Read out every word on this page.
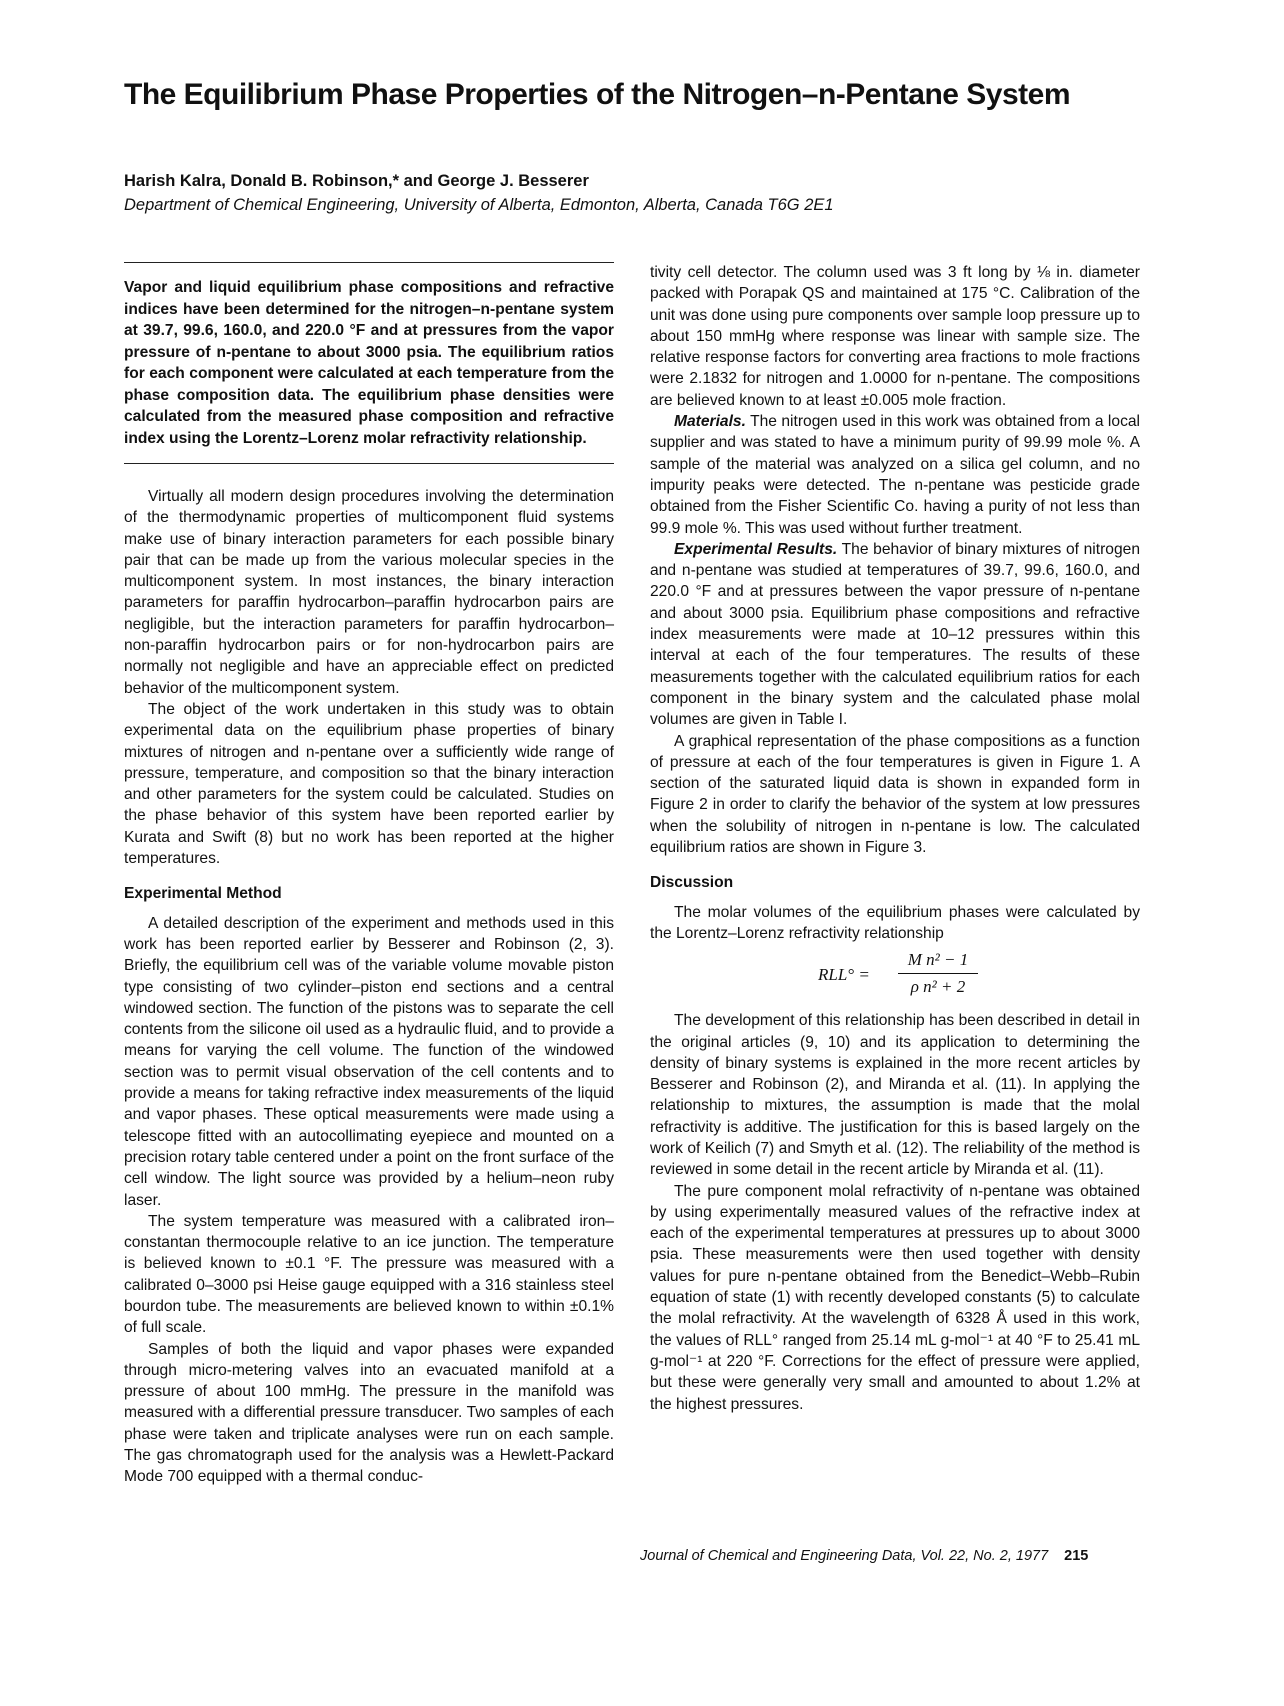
The Equilibrium Phase Properties of the Nitrogen–n-Pentane System
Harish Kalra, Donald B. Robinson,* and George J. Besserer
Department of Chemical Engineering, University of Alberta, Edmonton, Alberta, Canada T6G 2E1
Vapor and liquid equilibrium phase compositions and refractive indices have been determined for the nitrogen–n-pentane system at 39.7, 99.6, 160.0, and 220.0 °F and at pressures from the vapor pressure of n-pentane to about 3000 psia. The equilibrium ratios for each component were calculated at each temperature from the phase composition data. The equilibrium phase densities were calculated from the measured phase composition and refractive index using the Lorentz–Lorenz molar refractivity relationship.

Virtually all modern design procedures involving the determination of the thermodynamic properties of multicomponent fluid systems make use of binary interaction parameters for each possible binary pair that can be made up from the various molecular species in the multicomponent system. In most instances, the binary interaction parameters for paraffin hydrocarbon–paraffin hydrocarbon pairs are negligible, but the interaction parameters for paraffin hydrocarbon–non-paraffin hydrocarbon pairs or for non-hydrocarbon pairs are normally not negligible and have an appreciable effect on predicted behavior of the multicomponent system.

The object of the work undertaken in this study was to obtain experimental data on the equilibrium phase properties of binary mixtures of nitrogen and n-pentane over a sufficiently wide range of pressure, temperature, and composition so that the binary interaction and other parameters for the system could be calculated. Studies on the phase behavior of this system have been reported earlier by Kurata and Swift (8) but no work has been reported at the higher temperatures.

Experimental Method

A detailed description of the experiment and methods used in this work has been reported earlier by Besserer and Robinson (2, 3). Briefly, the equilibrium cell was of the variable volume movable piston type consisting of two cylinder–piston end sections and a central windowed section. The function of the pistons was to separate the cell contents from the silicone oil used as a hydraulic fluid, and to provide a means for varying the cell volume. The function of the windowed section was to permit visual observation of the cell contents and to provide a means for taking refractive index measurements of the liquid and vapor phases. These optical measurements were made using a telescope fitted with an autocollimating eyepiece and mounted on a precision rotary table centered under a point on the front surface of the cell window. The light source was provided by a helium–neon ruby laser.

The system temperature was measured with a calibrated iron–constantan thermocouple relative to an ice junction. The temperature is believed known to ±0.1 °F. The pressure was measured with a calibrated 0–3000 psi Heise gauge equipped with a 316 stainless steel bourdon tube. The measurements are believed known to within ±0.1% of full scale.

Samples of both the liquid and vapor phases were expanded through micro-metering valves into an evacuated manifold at a pressure of about 100 mmHg. The pressure in the manifold was measured with a differential pressure transducer. Two samples of each phase were taken and triplicate analyses were run on each sample. The gas chromatograph used for the analysis was a Hewlett-Packard Mode 700 equipped with a thermal conduc-

tivity cell detector. The column used was 3 ft long by ⅛ in. diameter packed with Porapak QS and maintained at 175 °C. Calibration of the unit was done using pure components over sample loop pressure up to about 150 mmHg where response was linear with sample size. The relative response factors for converting area fractions to mole fractions were 2.1832 for nitrogen and 1.0000 for n-pentane. The compositions are believed known to at least ±0.005 mole fraction.

Materials. The nitrogen used in this work was obtained from a local supplier and was stated to have a minimum purity of 99.99 mole %. A sample of the material was analyzed on a silica gel column, and no impurity peaks were detected. The n-pentane was pesticide grade obtained from the Fisher Scientific Co. having a purity of not less than 99.9 mole %. This was used without further treatment.

Experimental Results. The behavior of binary mixtures of nitrogen and n-pentane was studied at temperatures of 39.7, 99.6, 160.0, and 220.0 °F and at pressures between the vapor pressure of n-pentane and about 3000 psia. Equilibrium phase compositions and refractive index measurements were made at 10–12 pressures within this interval at each of the four temperatures. The results of these measurements together with the calculated equilibrium ratios for each component in the binary system and the calculated phase molal volumes are given in Table I.

A graphical representation of the phase compositions as a function of pressure at each of the four temperatures is given in Figure 1. A section of the saturated liquid data is shown in expanded form in Figure 2 in order to clarify the behavior of the system at low pressures when the solubility of nitrogen in n-pentane is low. The calculated equilibrium ratios are shown in Figure 3.

Discussion

The molar volumes of the equilibrium phases were calculated by the Lorentz–Lorenz refractivity relationship

RLL° =
M n² − 1
ρ n² + 2

The development of this relationship has been described in detail in the original articles (9, 10) and its application to determining the density of binary systems is explained in the more recent articles by Besserer and Robinson (2), and Miranda et al. (11). In applying the relationship to mixtures, the assumption is made that the molal refractivity is additive. The justification for this is based largely on the work of Keilich (7) and Smyth et al. (12). The reliability of the method is reviewed in some detail in the recent article by Miranda et al. (11).

The pure component molal refractivity of n-pentane was obtained by using experimentally measured values of the refractive index at each of the experimental temperatures at pressures up to about 3000 psia. These measurements were then used together with density values for pure n-pentane obtained from the Benedict–Webb–Rubin equation of state (1) with recently developed constants (5) to calculate the molal refractivity. At the wavelength of 6328 Å used in this work, the values of RLL° ranged from 25.14 mL g-mol⁻¹ at 40 °F to 25.41 mL g-mol⁻¹ at 220 °F. Corrections for the effect of pressure were applied, but these were generally very small and amounted to about 1.2% at the highest pressures.

Journal of Chemical and Engineering Data, Vol. 22, No. 2, 1977 215
